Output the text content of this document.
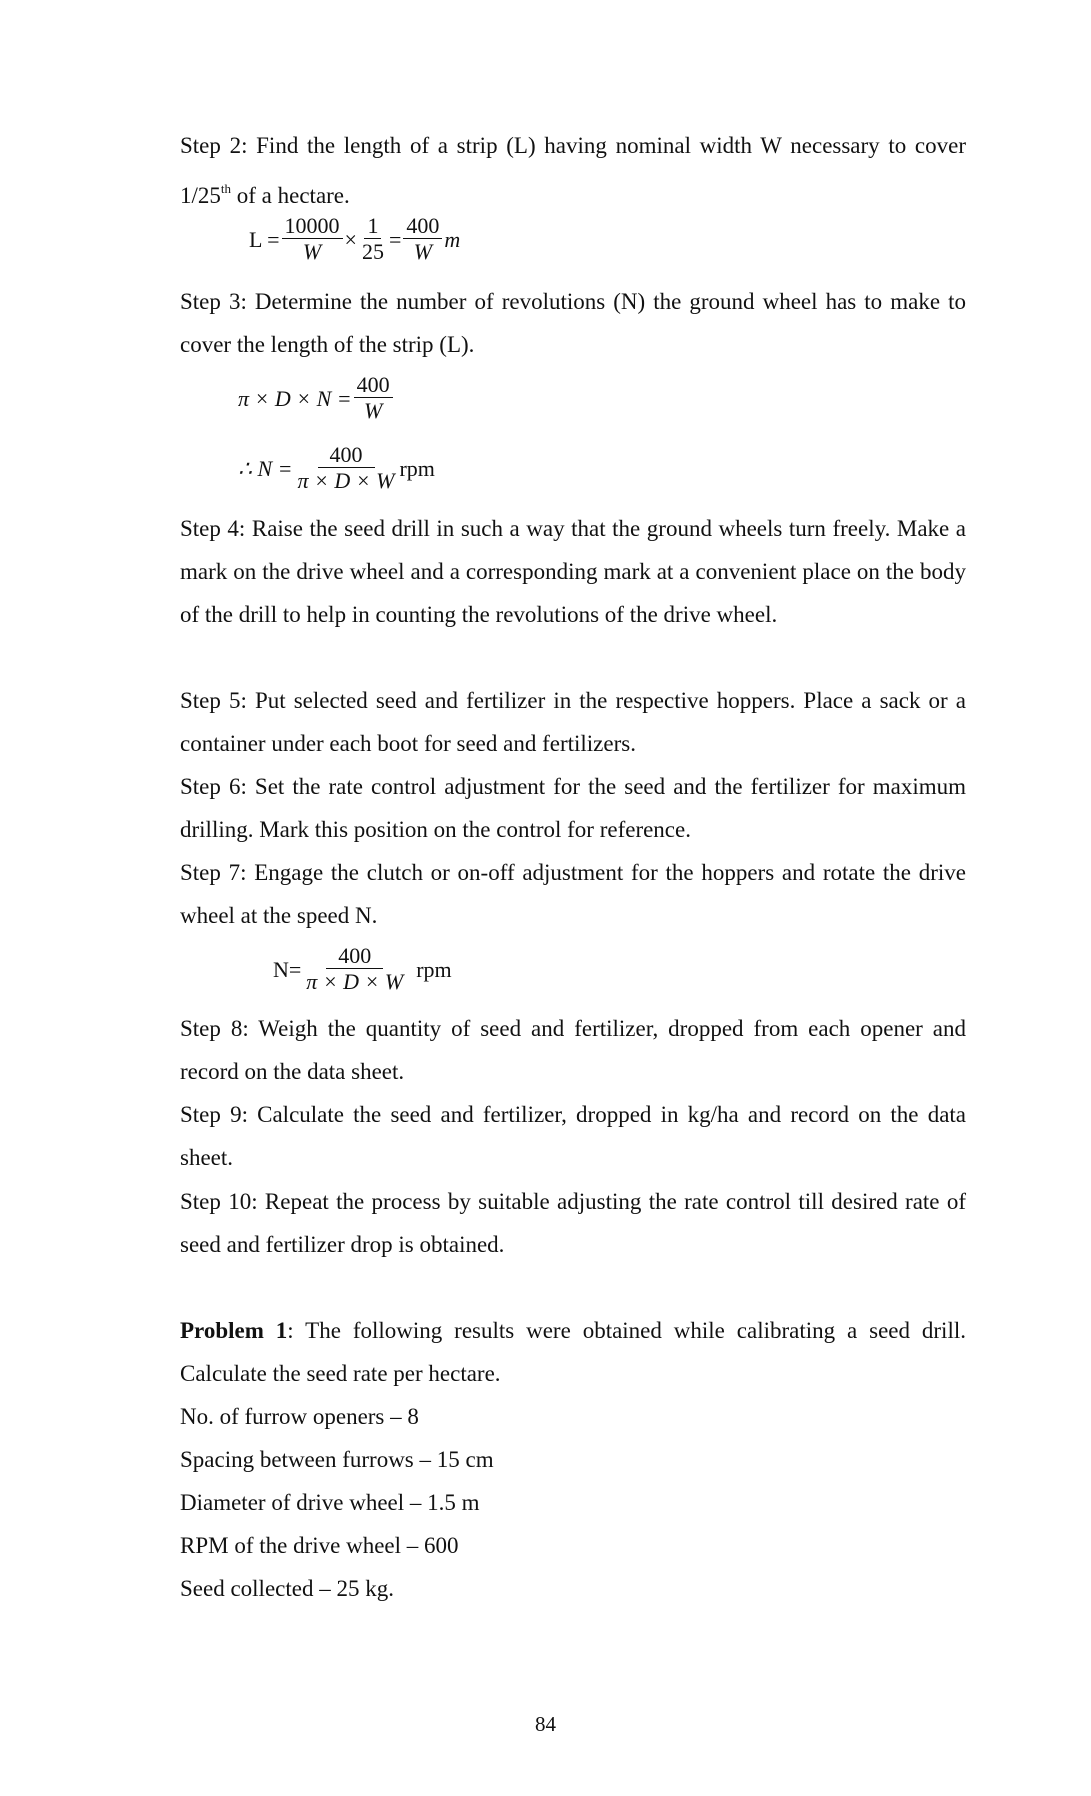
Step 2: Find the length of a strip (L) having nominal width W necessary to cover 1/25th of a hectare.

$L = \frac{10000}{W} \times \frac{1}{25} = \frac{400}{W}$ m

Step 3: Determine the number of revolutions (N) the ground wheel has to make to cover the length of the strip (L).

$\pi \times D \times N = \frac{400}{W}$
∴ $N = \frac{400}{\pi \times D \times W}$ rpm

Step 4: Raise the seed drill in such a way that the ground wheels turn freely. Make a mark on the drive wheel and a corresponding mark at a convenient place on the body of the drill to help in counting the revolutions of the drive wheel.

Step 5: Put selected seed and fertilizer in the respective hoppers. Place a sack or a container under each boot for seed and fertilizers.

Step 6: Set the rate control adjustment for the seed and the fertilizer for maximum drilling. Mark this position on the control for reference.

Step 7: Engage the clutch or on-off adjustment for the hoppers and rotate the drive wheel at the speed N.

$N= \frac{400}{\pi \times D \times W}$ rpm

Step 8: Weigh the quantity of seed and fertilizer, dropped from each opener and record on the data sheet.

Step 9: Calculate the seed and fertilizer, dropped in kg/ha and record on the data sheet.

Step 10: Repeat the process by suitable adjusting the rate control till desired rate of seed and fertilizer drop is obtained.

Problem 1: The following results were obtained while calibrating a seed drill. Calculate the seed rate per hectare.

No. of furrow openers – 8
Spacing between furrows – 15 cm
Diameter of drive wheel – 1.5 m
RPM of the drive wheel – 600
Seed collected – 25 kg.
84
